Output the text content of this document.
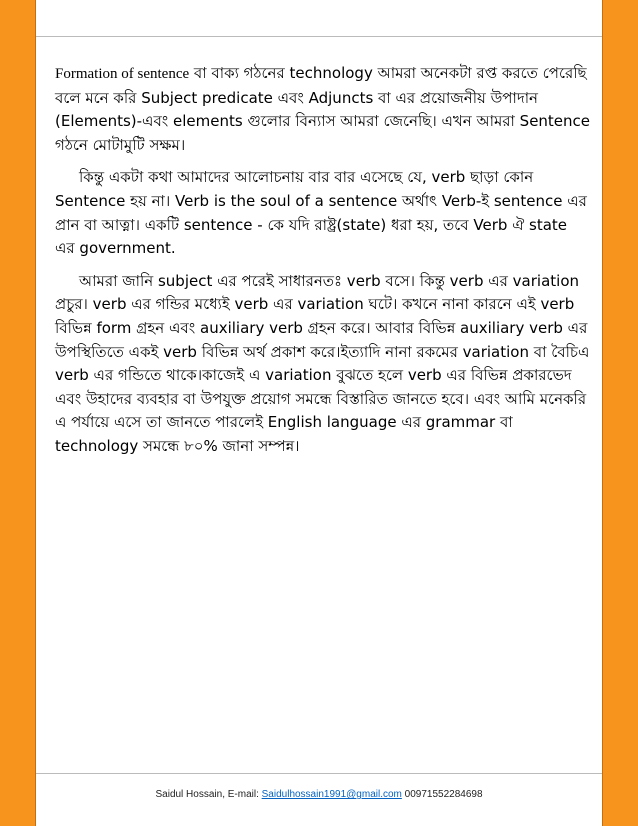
Formation of sentence বা বাক্য গঠনের technology আমরা অনেকটা রপ্ত করতে পেরেছি বলে মনে করি Subject predicate এবং Adjuncts বা এর প্রয়োজনীয় উপাদান (Elements)-এবং elements গুলোর বিন্যাস আমরা জেনেছি। এখন আমরা Sentence গঠনে মোটামুটি সক্ষম।

কিন্তু একটা কথা আমাদের আলোচনায় বার বার এসেছে যে, verb ছাড়া কোন Sentence হয় না। Verb is the soul of a sentence অর্থাৎ Verb-ই sentence এর প্রান বা আত্না। একটি sentence - কে যদি রাষ্ট্র(state) ধরা হয়, তবে Verb ঐ state এর government.

আমরা জানি subject এর পরেই সাধারনতঃ verb বসে। কিন্তু verb এর variation প্রচুর। verb এর গন্ডির মধ্যেই verb এর variation ঘটে। কখনে নানা কারনে এই verb বিভিন্ন form গ্রহন এবং auxiliary verb গ্রহন করে। আবার বিভিন্ন auxiliary verb এর উপস্থিতিতে একই verb বিভিন্ন অর্থ প্রকাশ করে।ইত্যাদি নানা রকমের variation বা বৈচিএ verb এর গন্ডিতে থাকে।কাজেই এ variation বুঝতে হলে verb এর বিভিন্ন প্রকারভেদ এবং উহাদের ব্যবহার বা উপযুক্ত প্রয়োগ সমন্ধে বিস্তারিত জানতে হবে। এবং আমি মনেকরি এ পর্যায়ে এসে তা জানতে পারলেই English language এর grammar বা technology সমন্ধে ৮০% জানা সম্পন্ন।

Saidul Hossain, E-mail: Saidulhossain1991@gmail.com 00971552284698
